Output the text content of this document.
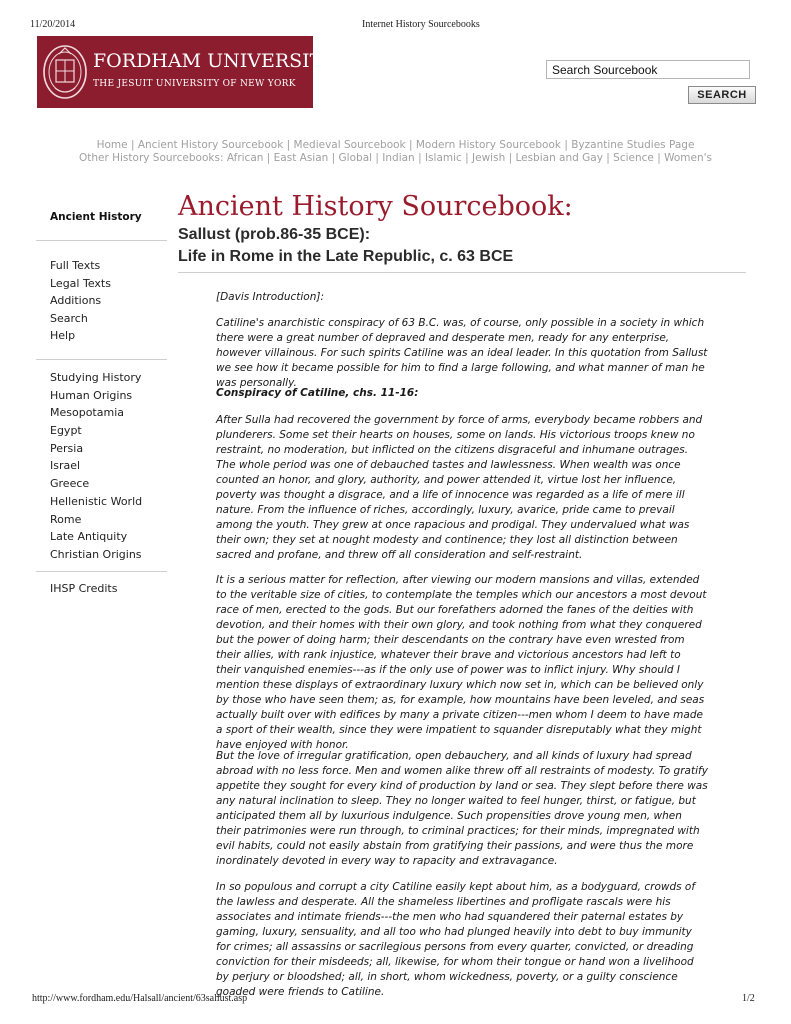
11/20/2014	Internet History Sourcebooks
http://www.fordham.edu/Halsall/ancient/63sallust.asp	1/2
FORDHAM UNIVERSITY
THE JESUIT UNIVERSITY OF NEW YORK
Search Sourcebook
SEARCH
Home | Ancient History Sourcebook | Medieval Sourcebook | Modern History Sourcebook | Byzantine Studies Page
Other History Sourcebooks: African | East Asian | Global | Indian | Islamic | Jewish | Lesbian and Gay | Science | Women's
Ancient History
Full Texts
Legal Texts
Additions
Search
Help
Studying History
Human Origins
Mesopotamia
Egypt
Persia
Israel
Greece
Hellenistic World
Rome
Late Antiquity
Christian Origins
IHSP Credits
Ancient History Sourcebook:
Sallust (prob.86-35 BCE):
Life in Rome in the Late Republic, c. 63 BCE

[Davis Introduction]:

Catiline's anarchistic conspiracy of 63 B.C. was, of course, only possible in a society in which there were a great number of depraved and desperate men, ready for any enterprise, however villainous. For such spirits Catiline was an ideal leader. In this quotation from Sallust we see how it became possible for him to find a large following, and what manner of man he was personally.

Conspiracy of Catiline, chs. 11-16:

After Sulla had recovered the government by force of arms, everybody became robbers and plunderers. Some set their hearts on houses, some on lands. His victorious troops knew no restraint, no moderation, but inflicted on the citizens disgraceful and inhumane outrages. The whole period was one of debauched tastes and lawlessness. When wealth was once counted an honor, and glory, authority, and power attended it, virtue lost her influence, poverty was thought a disgrace, and a life of innocence was regarded as a life of mere ill nature. From the influence of riches, accordingly, luxury, avarice, pride came to prevail among the youth. They grew at once rapacious and prodigal. They undervalued what was their own; they set at nought modesty and continence; they lost all distinction between sacred and profane, and threw off all consideration and self-restraint.

It is a serious matter for reflection, after viewing our modern mansions and villas, extended to the veritable size of cities, to contemplate the temples which our ancestors a most devout race of men, erected to the gods. But our forefathers adorned the fanes of the deities with devotion, and their homes with their own glory, and took nothing from what they conquered but the power of doing harm; their descendants on the contrary have even wrested from their allies, with rank injustice, whatever their brave and victorious ancestors had left to their vanquished enemies---as if the only use of power was to inflict injury. Why should I mention these displays of extraordinary luxury which now set in, which can be believed only by those who have seen them; as, for example, how mountains have been leveled, and seas actually built over with edifices by many a private citizen---men whom I deem to have made a sport of their wealth, since they were impatient to squander disreputably what they might have enjoyed with honor.

But the love of irregular gratification, open debauchery, and all kinds of luxury had spread abroad with no less force. Men and women alike threw off all restraints of modesty. To gratify appetite they sought for every kind of production by land or sea. They slept before there was any natural inclination to sleep. They no longer waited to feel hunger, thirst, or fatigue, but anticipated them all by luxurious indulgence. Such propensities drove young men, when their patrimonies were run through, to criminal practices; for their minds, impregnated with evil habits, could not easily abstain from gratifying their passions, and were thus the more inordinately devoted in every way to rapacity and extravagance.

In so populous and corrupt a city Catiline easily kept about him, as a bodyguard, crowds of the lawless and desperate. All the shameless libertines and profligate rascals were his associates and intimate friends---the men who had squandered their paternal estates by gaming, luxury, sensuality, and all too who had plunged heavily into debt to buy immunity for crimes; all assassins or sacrilegious persons from every quarter, convicted, or dreading conviction for their misdeeds; all, likewise, for whom their tongue or hand won a livelihood by perjury or bloodshed; all, in short, whom wickedness, poverty, or a guilty conscience goaded were friends to Catiline.
